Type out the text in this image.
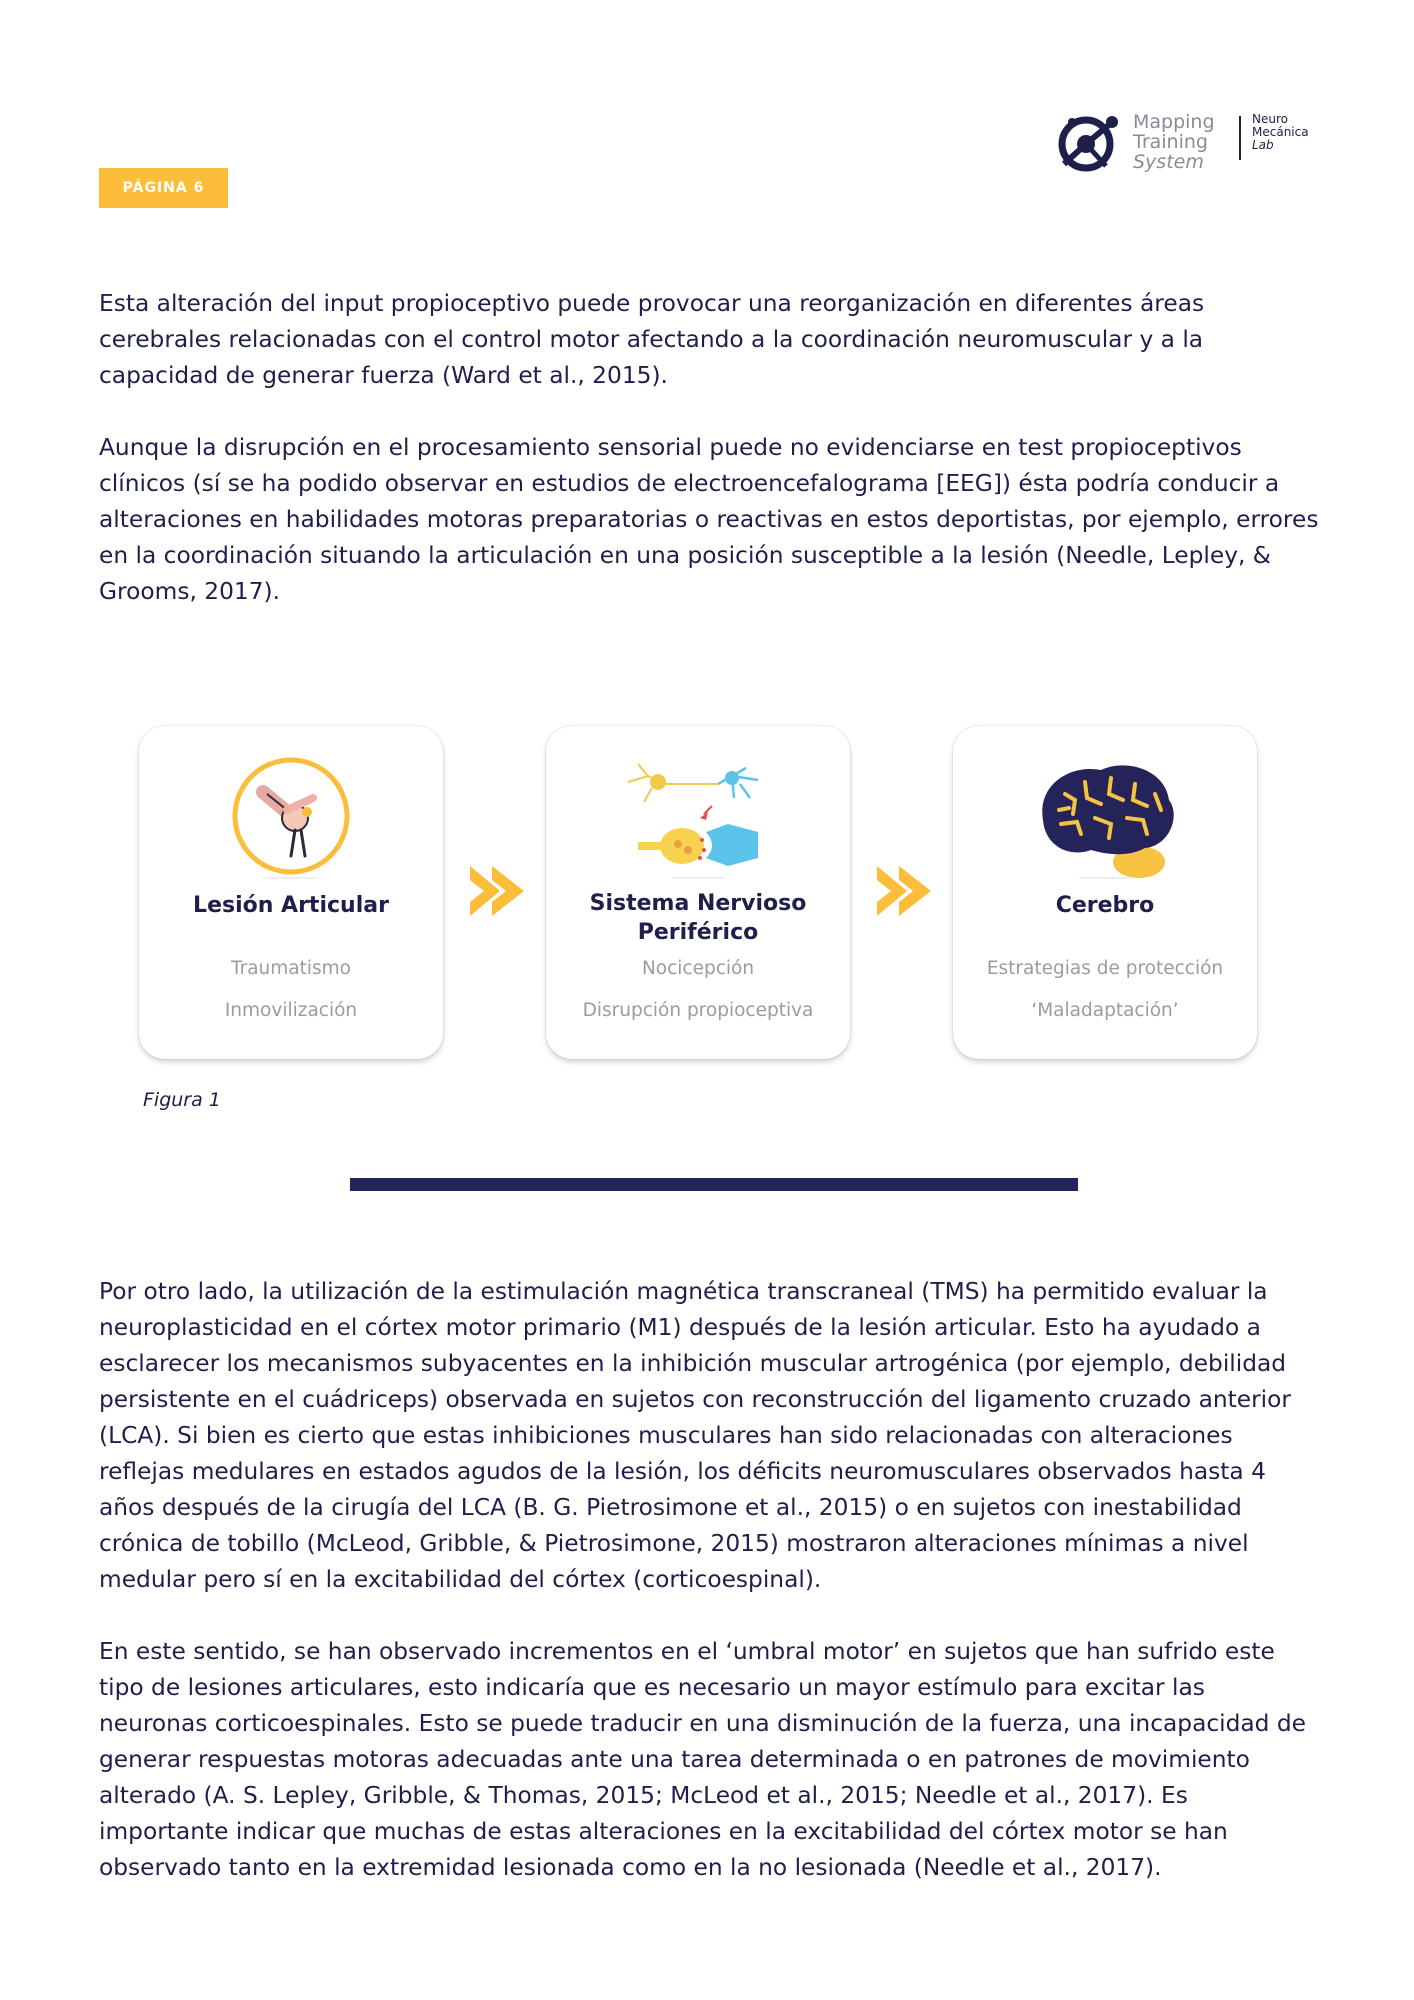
PÁGINA 6
Mapping
Training
System
Neuro
Mecánica
Lab

Esta alteración del input propioceptivo puede provocar una reorganización en diferentes áreas cerebrales relacionadas con el control motor afectando a la coordinación neuromuscular y a la capacidad de generar fuerza (Ward et al., 2015).

Aunque la disrupción en el procesamiento sensorial puede no evidenciarse en test propioceptivos clínicos (sí se ha podido observar en estudios de electroencefalograma [EEG]) ésta podría conducir a alteraciones en habilidades motoras preparatorias o reactivas en estos deportistas, por ejemplo, errores en la coordinación situando la articulación en una posición susceptible a la lesión (Needle, Lepley, & Grooms, 2017).

Lesión Articular
Traumatismo
Inmovilización
Sistema Nervioso
Periférico
Nocicepción
Disrupción propioceptiva
Cerebro
Estrategias de protección
‘Maladaptación’
Figura 1

Por otro lado, la utilización de la estimulación magnética transcraneal (TMS) ha permitido evaluar la neuroplasticidad en el córtex motor primario (M1) después de la lesión articular. Esto ha ayudado a esclarecer los mecanismos subyacentes en la inhibición muscular artrogénica (por ejemplo, debilidad persistente en el cuádriceps) observada en sujetos con reconstrucción del ligamento cruzado anterior (LCA). Si bien es cierto que estas inhibiciones musculares han sido relacionadas con alteraciones reflejas medulares en estados agudos de la lesión, los déficits neuromusculares observados hasta 4 años después de la cirugía del LCA (B. G. Pietrosimone et al., 2015) o en sujetos con inestabilidad crónica de tobillo (McLeod, Gribble, & Pietrosimone, 2015) mostraron alteraciones mínimas a nivel medular pero sí en la excitabilidad del córtex (corticoespinal).

En este sentido, se han observado incrementos en el ‘umbral motor’ en sujetos que han sufrido este tipo de lesiones articulares, esto indicaría que es necesario un mayor estímulo para excitar las neuronas corticoespinales. Esto se puede traducir en una disminución de la fuerza, una incapacidad de generar respuestas motoras adecuadas ante una tarea determinada o en patrones de movimiento alterado (A. S. Lepley, Gribble, & Thomas, 2015; McLeod et al., 2015; Needle et al., 2017). Es importante indicar que muchas de estas alteraciones en la excitabilidad del córtex motor se han observado tanto en la extremidad lesionada como en la no lesionada (Needle et al., 2017).
